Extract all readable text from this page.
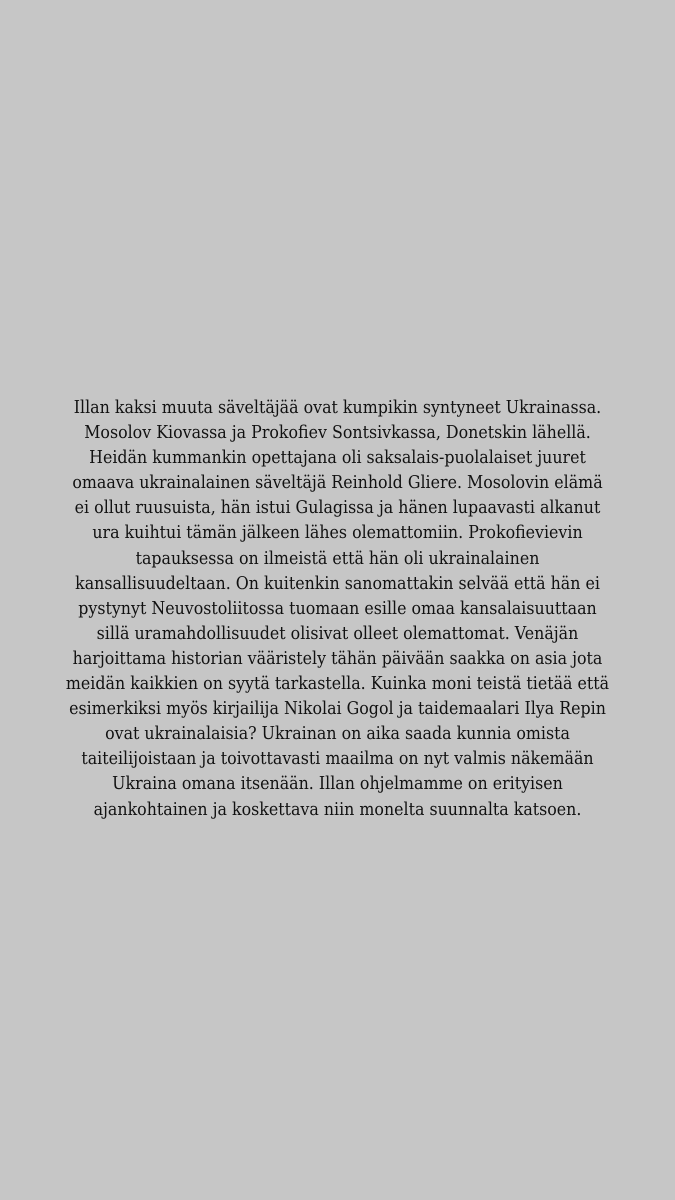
Illan kaksi muuta säveltäjää ovat kumpikin syntyneet Ukrainassa.
Mosolov Kiovassa ja Prokofiev Sontsivkassa, Donetskin lähellä.
Heidän kummankin opettajana oli saksalais-puolalaiset juuret
omaava ukrainalainen säveltäjä Reinhold Gliere. Mosolovin elämä
ei ollut ruusuista, hän istui Gulagissa ja hänen lupaavasti alkanut
ura kuihtui tämän jälkeen lähes olemattomiin. Prokofievievin
tapauksessa on ilmeistä että hän oli ukrainalainen
kansallisuudeltaan. On kuitenkin sanomattakin selvää että hän ei
pystynyt Neuvostoliitossa tuomaan esille omaa kansalaisuuttaan
sillä uramahdollisuudet olisivat olleet olemattomat. Venäjän
harjoittama historian vääristely tähän päivään saakka on asia jota
meidän kaikkien on syytä tarkastella. Kuinka moni teistä tietää että
esimerkiksi myös kirjailija Nikolai Gogol ja taidemaalari Ilya Repin
ovat ukrainalaisia? Ukrainan on aika saada kunnia omista
taiteilijoistaan ja toivottavasti maailma on nyt valmis näkemään
Ukraina omana itsenään. Illan ohjelmamme on erityisen
ajankohtainen ja koskettava niin monelta suunnalta katsoen.
